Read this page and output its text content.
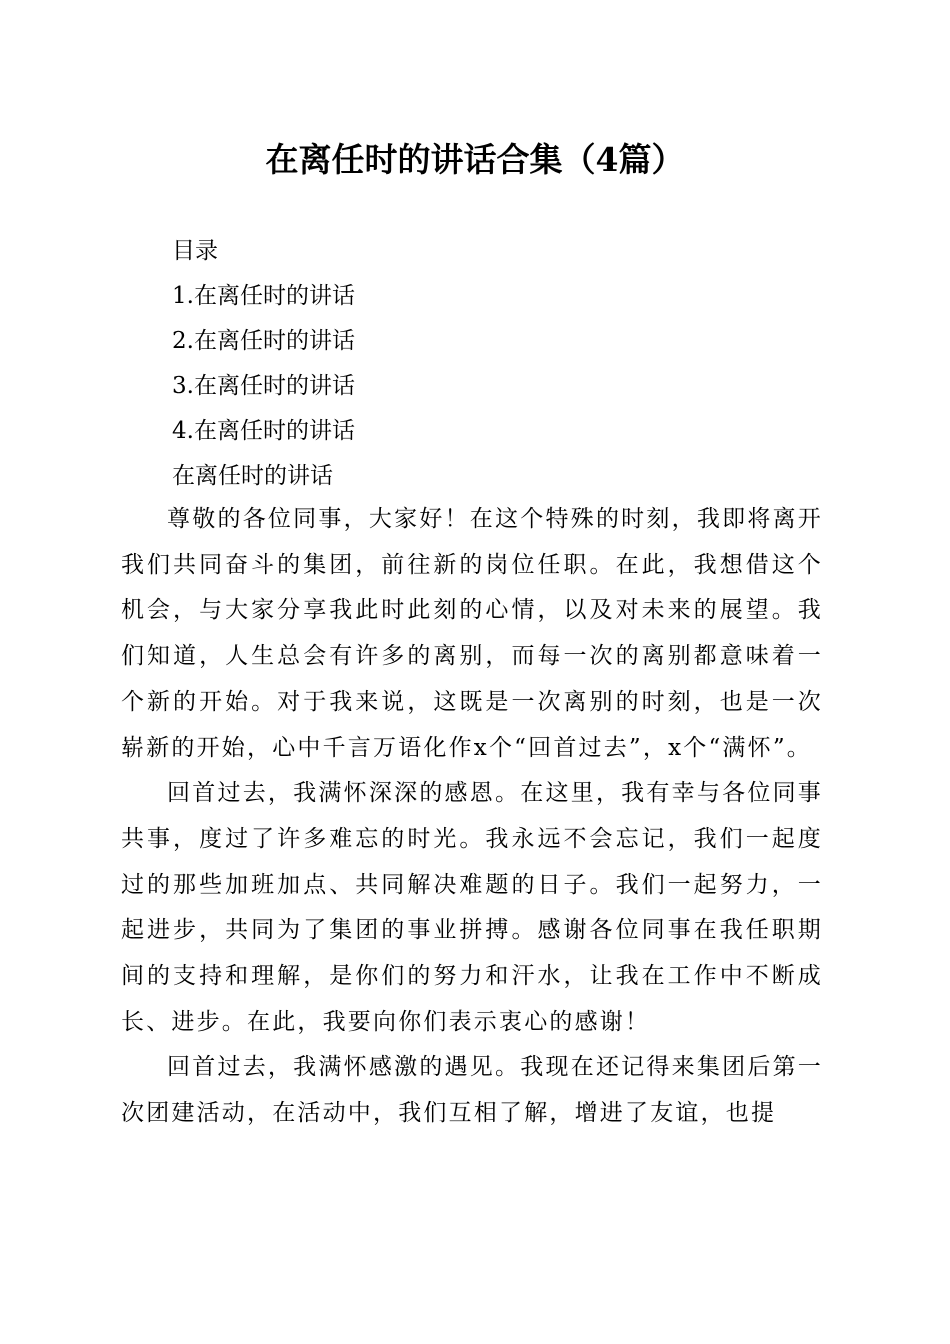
在离任时的讲话合集（4篇）

目录

1.在离任时的讲话

2.在离任时的讲话

3.在离任时的讲话

4.在离任时的讲话

在离任时的讲话

尊敬的各位同事，大家好！在这个特殊的时刻，我即将离开我们共同奋斗的集团，前往新的岗位任职。在此，我想借这个机会，与大家分享我此时此刻的心情，以及对未来的展望。我们知道，人生总会有许多的离别，而每一次的离别都意味着一个新的开始。对于我来说，这既是一次离别的时刻，也是一次崭新的开始，心中千言万语化作x个“回首过去”，x个“满怀”。

回首过去，我满怀深深的感恩。在这里，我有幸与各位同事共事，度过了许多难忘的时光。我永远不会忘记，我们一起度过的那些加班加点、共同解决难题的日子。我们一起努力，一起进步，共同为了集团的事业拼搏。感谢各位同事在我任职期间的支持和理解，是你们的努力和汗水，让我在工作中不断成长、进步。在此，我要向你们表示衷心的感谢！

回首过去，我满怀感激的遇见。我现在还记得来集团后第一次团建活动，在活动中，我们互相了解，增进了友谊，也提
